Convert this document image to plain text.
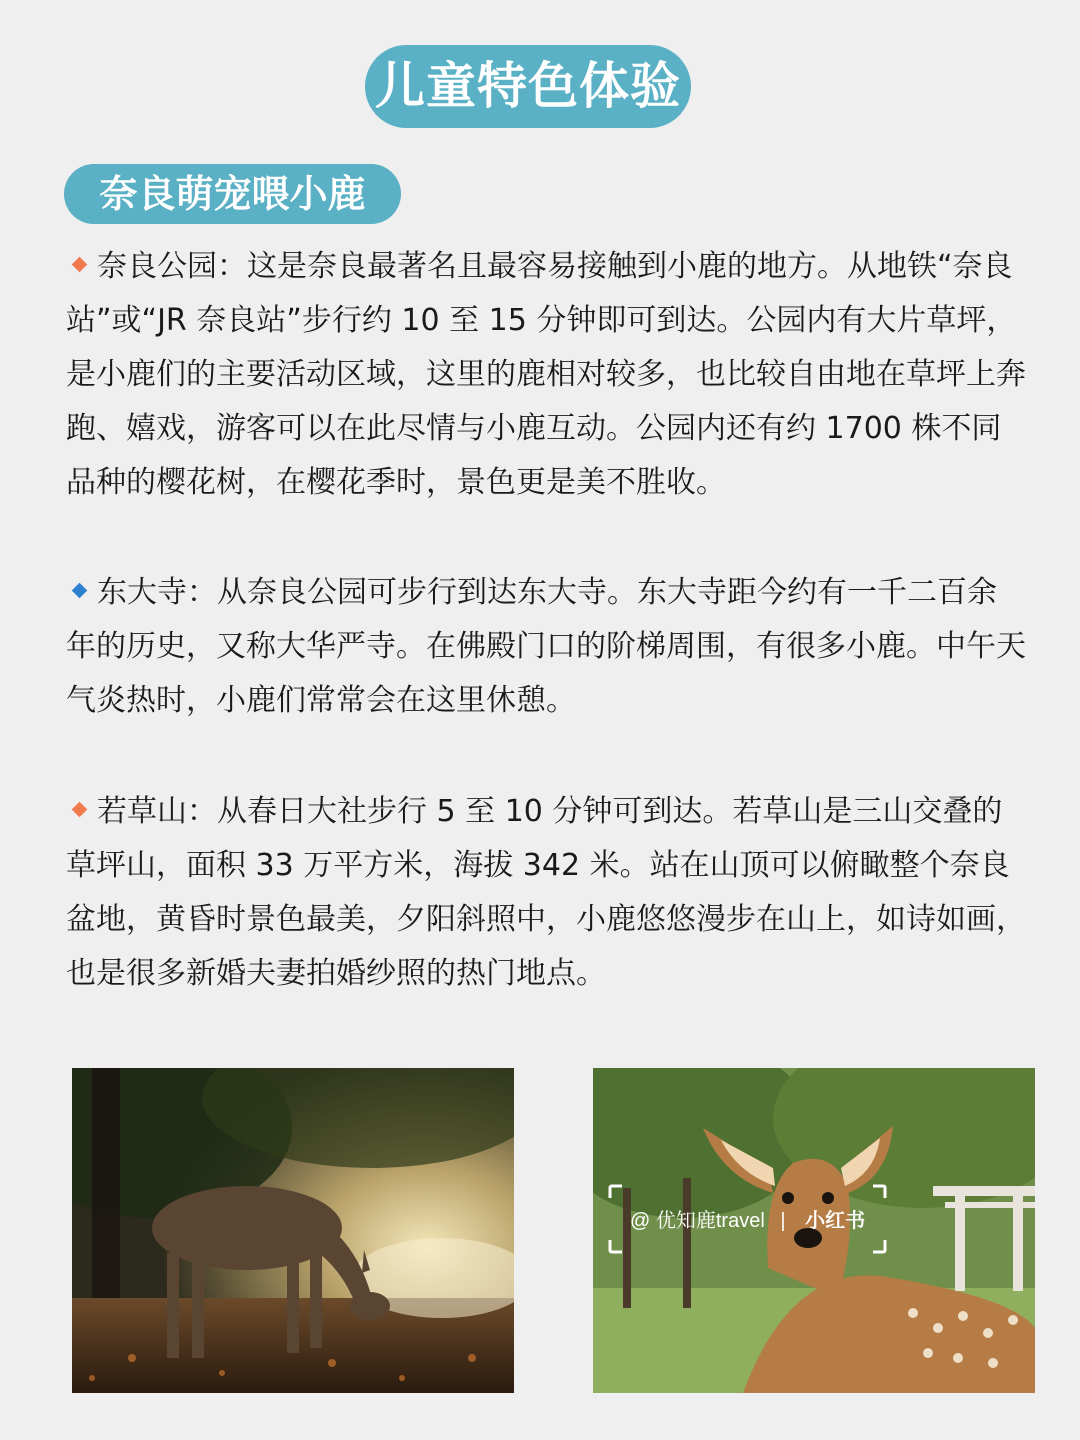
儿童特色体验
奈良萌宠喂小鹿
奈良公园：这是奈良最著名且最容易接触到小鹿的地方。从地铁“奈良站”或“JR 奈良站”步行约 10 至 15 分钟即可到达。公园内有大片草坪，是小鹿们的主要活动区域，这里的鹿相对较多，也比较自由地在草坪上奔跑、嬉戏，游客可以在此尽情与小鹿互动。公园内还有约 1700 株不同品种的樱花树，在樱花季时，景色更是美不胜收。
东大寺：从奈良公园可步行到达东大寺。东大寺距今约有一千二百余年的历史，又称大华严寺。在佛殿门口的阶梯周围，有很多小鹿。中午天气炎热时，小鹿们常常会在这里休憩。
若草山：从春日大社步行 5 至 10 分钟可到达。若草山是三山交叠的草坪山，面积 33 万平方米，海拔 342 米。站在山顶可以俯瞰整个奈良盆地，黄昏时景色最美，夕阳斜照中，小鹿悠悠漫步在山上，如诗如画，也是很多新婚夫妻拍婚纱照的热门地点。
@ 优知鹿travel | 小红书
